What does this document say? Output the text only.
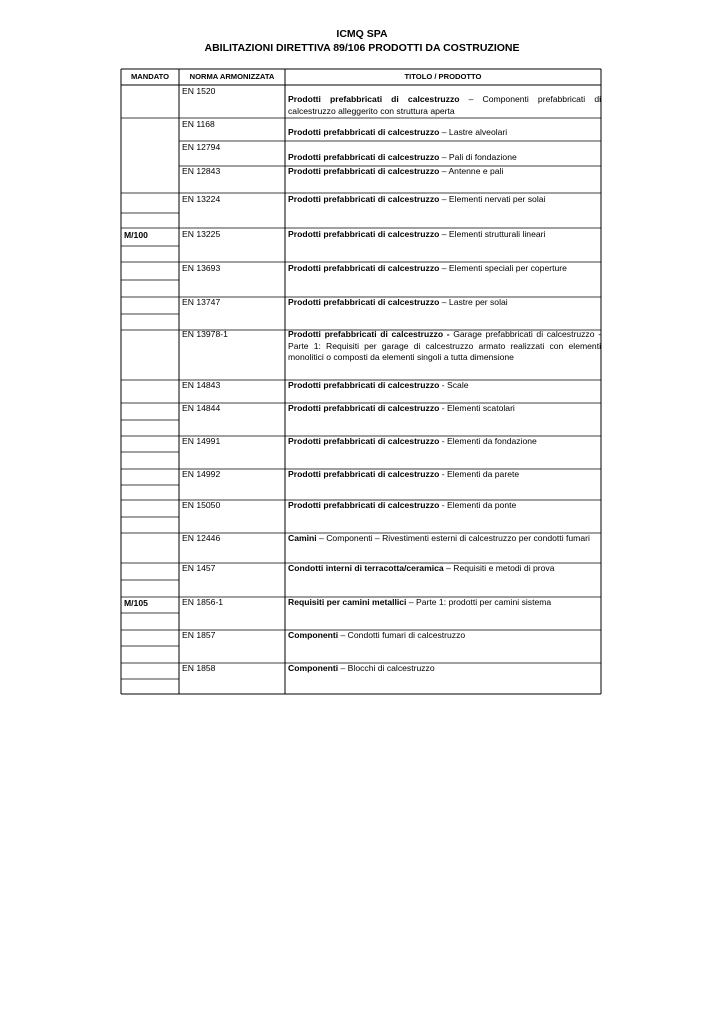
ICMQ SPA
ABILITAZIONI DIRETTIVA 89/106 PRODOTTI DA COSTRUZIONE
MANDATO	NORMA ARMONIZZATA	TITOLO / PRODOTTO
EN 1520
Prodotti prefabbricati di calcestruzzo – Componenti prefabbricati di calcestruzzo alleggerito con struttura aperta
EN 1168
Prodotti prefabbricati di calcestruzzo – Lastre alveolari
EN 12794
Prodotti prefabbricati di calcestruzzo – Pali di fondazione
EN 12843	Prodotti prefabbricati di calcestruzzo – Antenne e pali
EN 13224	Prodotti prefabbricati di calcestruzzo – Elementi nervati per solai
M/100	EN 13225	Prodotti prefabbricati di calcestruzzo – Elementi strutturali lineari
EN 13693	Prodotti prefabbricati di calcestruzzo – Elementi speciali per coperture
EN 13747	Prodotti prefabbricati di calcestruzzo – Lastre per solai
EN 13978-1	Prodotti prefabbricati di calcestruzzo - Garage prefabbricati di calcestruzzo -Parte 1: Requisiti per garage di calcestruzzo armato realizzati con elementi monolitici o composti da elementi singoli a tutta dimensione
EN 14843	Prodotti prefabbricati di calcestruzzo - Scale
EN 14844	Prodotti prefabbricati di calcestruzzo - Elementi scatolari
EN 14991	Prodotti prefabbricati di calcestruzzo - Elementi da fondazione
EN 14992	Prodotti prefabbricati di calcestruzzo - Elementi da parete
EN 15050	Prodotti prefabbricati di calcestruzzo - Elementi da ponte
EN 12446	Camini – Componenti – Rivestimenti esterni di calcestruzzo per condotti fumari
EN 1457	Condotti interni di terracotta/ceramica – Requisiti e metodi di prova
M/105	EN 1856-1	Requisiti per camini metallici – Parte 1: prodotti per camini sistema
EN 1857	Componenti – Condotti fumari di calcestruzzo
EN 1858	Componenti – Blocchi di calcestruzzo
